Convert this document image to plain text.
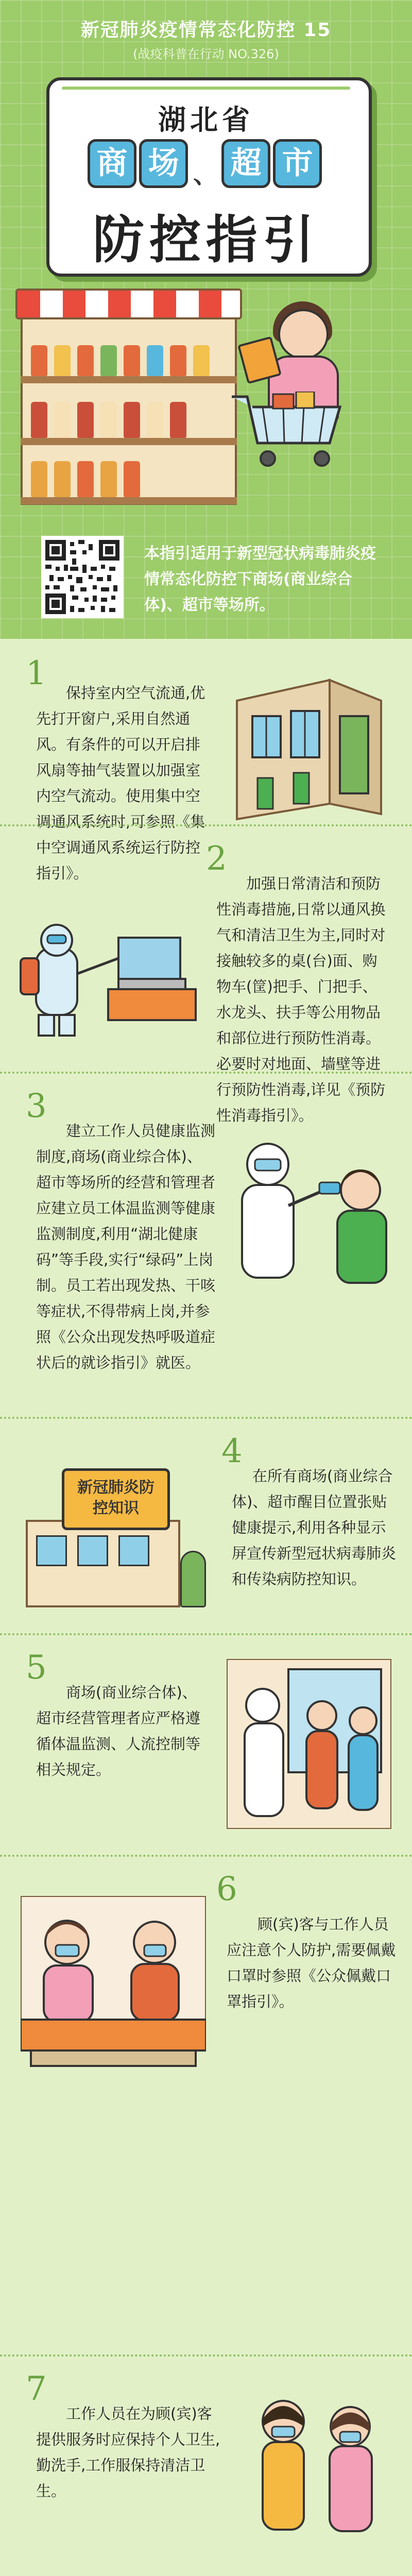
新冠肺炎疫情常态化防控 15
(战疫科普在行动 NO.326)
湖北省
商 场 、 超 市
防控指引
本指引适用于新型冠状病毒肺炎疫情常态化防控下商场(商业综合体)、超市等场所。
1
保持室内空气流通,优先打开窗户,采用自然通风。有条件的可以开启排风扇等抽气装置以加强室内空气流动。使用集中空调通风系统时,可参照《集中空调通风系统运行防控指引》。	2
加强日常清洁和预防性消毒措施,日常以通风换气和清洁卫生为主,同时对接触较多的桌(台)面、购物车(筐)把手、门把手、水龙头、扶手等公用物品和部位进行预防性消毒。必要时对地面、墙壁等进行预防性消毒,详见《预防性消毒指引》。
3
建立工作人员健康监测制度,商场(商业综合体)、超市等场所的经营和管理者应建立员工体温监测等健康监测制度,利用“湖北健康码”等手段,实行“绿码”上岗制。员工若出现发热、干咳等症状,不得带病上岗,并参照《公众出现发热呼吸道症状后的就诊指引》就医。
4
在所有商场(商业综合体)、超市醒目位置张贴健康提示,利用各种显示屏宣传新型冠状病毒肺炎和传染病防控知识。
新冠肺炎防控知识
5
商场(商业综合体)、超市经营管理者应严格遵循体温监测、人流控制等相关规定。
6
顾(宾)客与工作人员应注意个人防护,需要佩戴口罩时参照《公众佩戴口罩指引》。
7
工作人员在为顾(宾)客提供服务时应保持个人卫生,勤洗手,工作服保持清洁卫生。
